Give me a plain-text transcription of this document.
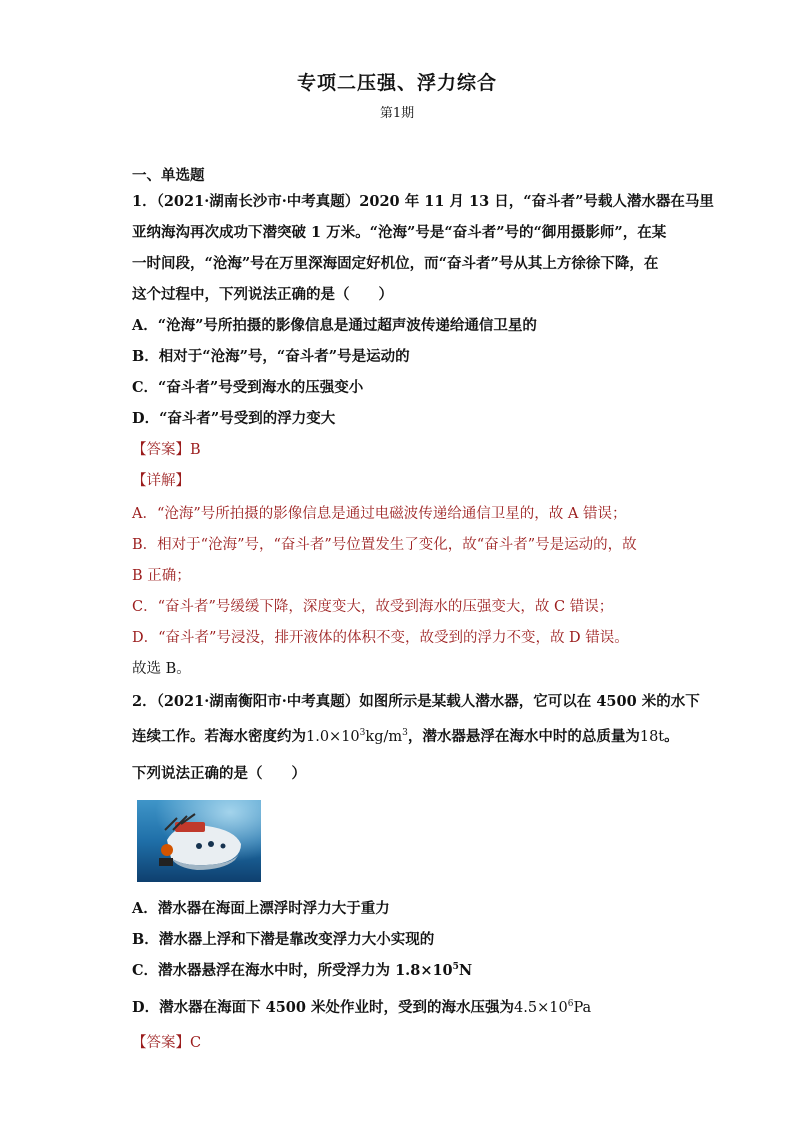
专项二压强、浮力综合
第1期
一、单选题
1．（2021·湖南长沙市·中考真题）2020 年 11 月 13 日，“奋斗者”号载人潜水器在马里
亚纳海沟再次成功下潜突破 1 万米。“沧海”号是“奋斗者”号的“御用摄影师”，在某
一时间段，“沧海”号在万里深海固定好机位，而“奋斗者”号从其上方徐徐下降，在
这个过程中，下列说法正确的是（　　）
A．“沧海”号所拍摄的影像信息是通过超声波传递给通信卫星的
B．相对于“沧海”号，“奋斗者”号是运动的
C．“奋斗者”号受到海水的压强变小
D．“奋斗者”号受到的浮力变大
【答案】B
【详解】
A．“沧海”号所拍摄的影像信息是通过电磁波传递给通信卫星的，故 A 错误；
B．相对于“沧海”号，“奋斗者”号位置发生了变化，故“奋斗者”号是运动的，故
B 正确；
C．“奋斗者”号缓缓下降，深度变大，故受到海水的压强变大，故 C 错误；
D．“奋斗者”号浸没，排开液体的体积不变，故受到的浮力不变，故 D 错误。
故选 B。
2．（2021·湖南衡阳市·中考真题）如图所示是某载人潜水器，它可以在 4500 米的水下
连续工作。若海水密度约为$1.0\times 10^3kg/m^3$，潜水器悬浮在海水中时的总质量为18t。
下列说法正确的是（　　）
A．潜水器在海面上漂浮时浮力大于重力
B．潜水器上浮和下潜是靠改变浮力大小实现的
C．潜水器悬浮在海水中时，所受浮力为 $1.8\times 10^5N$
D．潜水器在海面下 4500 米处作业时，受到的海水压强为$4.5\times 10^6Pa$
【答案】C
